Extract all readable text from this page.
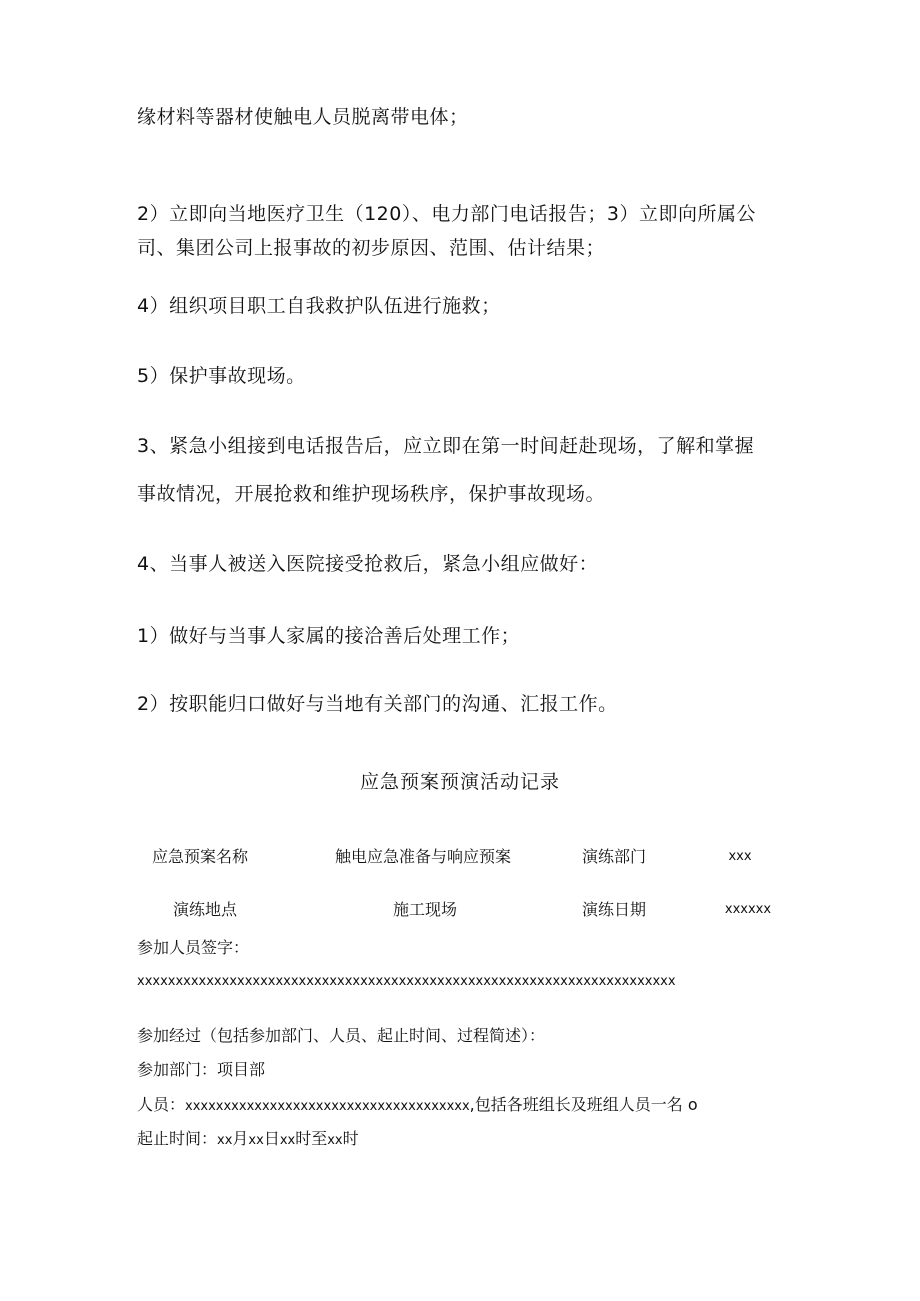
缘材料等器材使触电人员脱离带电体；

2）立即向当地医疗卫生（120）、电力部门电话报告；3）立即向所属公司、集团公司上报事故的初步原因、范围、估计结果；

4）组织项目职工自我救护队伍进行施救；

5）保护事故现场。

3、紧急小组接到电话报告后，应立即在第一时间赶赴现场，了解和掌握

事故情况，开展抢救和维护现场秩序，保护事故现场。

4、当事人被送入医院接受抢救后，紧急小组应做好：

1）做好与当事人家属的接洽善后处理工作；

2）按职能归口做好与当地有关部门的沟通、汇报工作。

应急预案预演活动记录
应急预案名称	触电应急准备与响应预案	演练部门	xxx
演练地点	施工现场	演练日期	xxxxxx
参加人员签字：
xxxxxxxxxxxxxxxxxxxxxxxxxxxxxxxxxxxxxxxxxxxxxxxxxxxxxxxxxxxxxxxxxxxxxx
参加经过（包括参加部门、人员、起止时间、过程简述）：
参加部门：项目部
人员：xxxxxxxxxxxxxxxxxxxxxxxxxxxxxxxxxxxxx,包括各班组长及班组人员一名 o
起止时间：xx月xx日xx时至xx时
